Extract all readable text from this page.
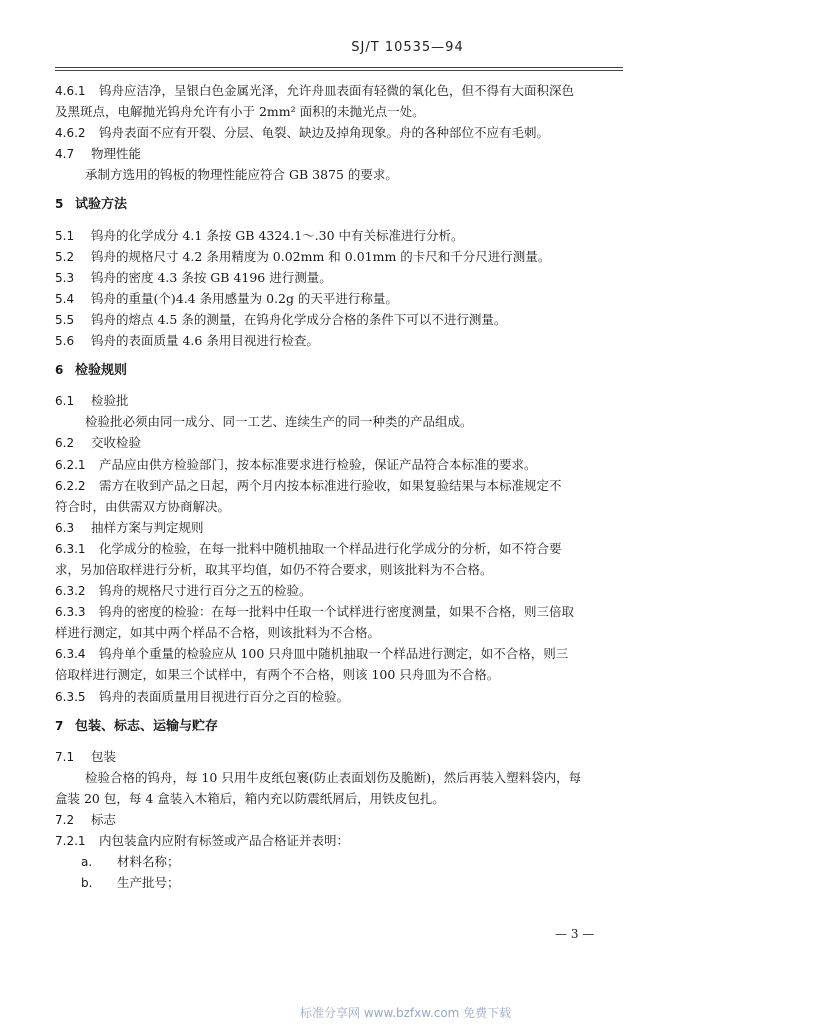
SJ/T 10535—94
4.6.1 钨舟应洁净，呈银白色金属光泽，允许舟皿表面有轻微的氧化色，但不得有大面积深色
及黑斑点，电解抛光钨舟允许有小于 2mm² 面积的未抛光点一处。
4.6.2 钨舟表面不应有开裂、分层、龟裂、缺边及掉角现象。舟的各种部位不应有毛刺。
4.7 物理性能
承制方选用的钨板的物理性能应符合 GB 3875 的要求。
5 试验方法
5.1 钨舟的化学成分 4.1 条按 GB 4324.1～.30 中有关标准进行分析。
5.2 钨舟的规格尺寸 4.2 条用精度为 0.02mm 和 0.01mm 的卡尺和千分尺进行测量。
5.3 钨舟的密度 4.3 条按 GB 4196 进行测量。
5.4 钨舟的重量(个)4.4 条用感量为 0.2g 的天平进行称量。
5.5 钨舟的熔点 4.5 条的测量，在钨舟化学成分合格的条件下可以不进行测量。
5.6 钨舟的表面质量 4.6 条用目视进行检查。
6 检验规则
6.1 检验批
检验批必须由同一成分、同一工艺、连续生产的同一种类的产品组成。
6.2 交收检验
6.2.1 产品应由供方检验部门，按本标准要求进行检验，保证产品符合本标准的要求。
6.2.2 需方在收到产品之日起，两个月内按本标准进行验收，如果复验结果与本标准规定不
符合时，由供需双方协商解决。
6.3 抽样方案与判定规则
6.3.1 化学成分的检验，在每一批料中随机抽取一个样品进行化学成分的分析，如不符合要
求，另加倍取样进行分析，取其平均值，如仍不符合要求，则该批料为不合格。
6.3.2 钨舟的规格尺寸进行百分之五的检验。
6.3.3 钨舟的密度的检验：在每一批料中任取一个试样进行密度测量，如果不合格，则三倍取
样进行测定，如其中两个样品不合格，则该批料为不合格。
6.3.4 钨舟单个重量的检验应从 100 只舟皿中随机抽取一个样品进行测定，如不合格，则三
倍取样进行测定，如果三个试样中，有两个不合格，则该 100 只舟皿为不合格。
6.3.5 钨舟的表面质量用目视进行百分之百的检验。
7 包装、标志、运输与贮存
7.1 包装
检验合格的钨舟，每 10 只用牛皮纸包裹(防止表面划伤及脆断)，然后再装入塑料袋内，每
盒装 20 包，每 4 盒装入木箱后，箱内充以防震纸屑后，用铁皮包扎。
7.2 标志
7.2.1 内包装盒内应附有标签或产品合格证并表明：
a. 材料名称；
b. 生产批号；
— 3 —
标准分享网 www.bzfxw.com 免费下载
